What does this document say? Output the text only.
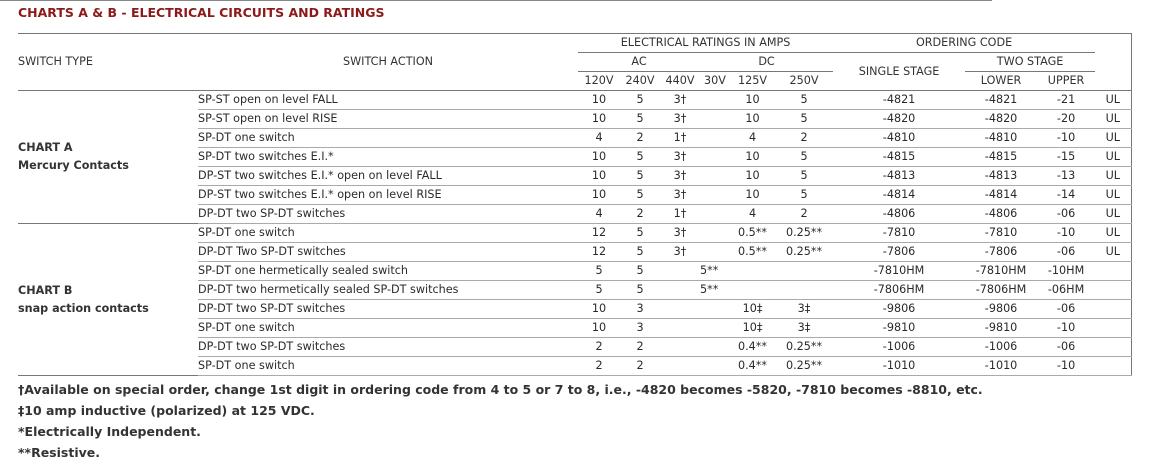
CHARTS A & B - ELECTRICAL CIRCUITS AND RATINGS
SWITCH TYPE	SWITCH ACTION	ELECTRICAL RATINGS IN AMPS						ORDERING CODE			
		AC			DC			SINGLE STAGE	TWO STAGE		
		120V	240V	440V	30V	125V	250V		LOWER	UPPER	

CHART A
Mercury Contacts	SP-ST open on level FALL	10	5	3†		10	5	-4821	-4821	-21	UL
	SP-ST open on level RISE	10	5	3†		10	5	-4820	-4820	-20	UL
	SP-DT one switch	4	2	1†		4	2	-4810	-4810	-10	UL
	SP-DT two switches E.I.*	10	5	3†		10	5	-4815	-4815	-15	UL
	DP-ST two switches E.I.* open on level FALL	10	5	3†		10	5	-4813	-4813	-13	UL
	DP-ST two switches E.I.* open on level RISE	10	5	3†		10	5	-4814	-4814	-14	UL
	DP-DT two SP-DT switches	4	2	1†		4	2	-4806	-4806	-06	UL

CHART B
snap action contacts	SP-DT one switch	12	5	3†		0.5**	0.25**	-7810	-7810	-10	UL
	DP-DT Two SP-DT switches	12	5	3†		0.5**	0.25**	-7806	-7806	-06	UL
	SP-DT one hermetically sealed switch	5	5		5**			-7810HM	-7810HM	-10HM	
	DP-DT two hermetically sealed SP-DT switches	5	5		5**			-7806HM	-7806HM	-06HM	
	DP-DT two SP-DT switches	10	3			10‡	3‡	-9806	-9806	-06	
	SP-DT one switch	10	3			10‡	3‡	-9810	-9810	-10	
	DP-DT two SP-DT switches	2	2			0.4**	0.25**	-1006	-1006	-06	
	SP-DT one switch	2	2			0.4**	0.25**	-1010	-1010	-10	
†Available on special order, change 1st digit in ordering code from 4 to 5 or 7 to 8, i.e., -4820 becomes -5820, -7810 becomes -8810, etc.
‡10 amp inductive (polarized) at 125 VDC.
*Electrically Independent.
**Resistive.
